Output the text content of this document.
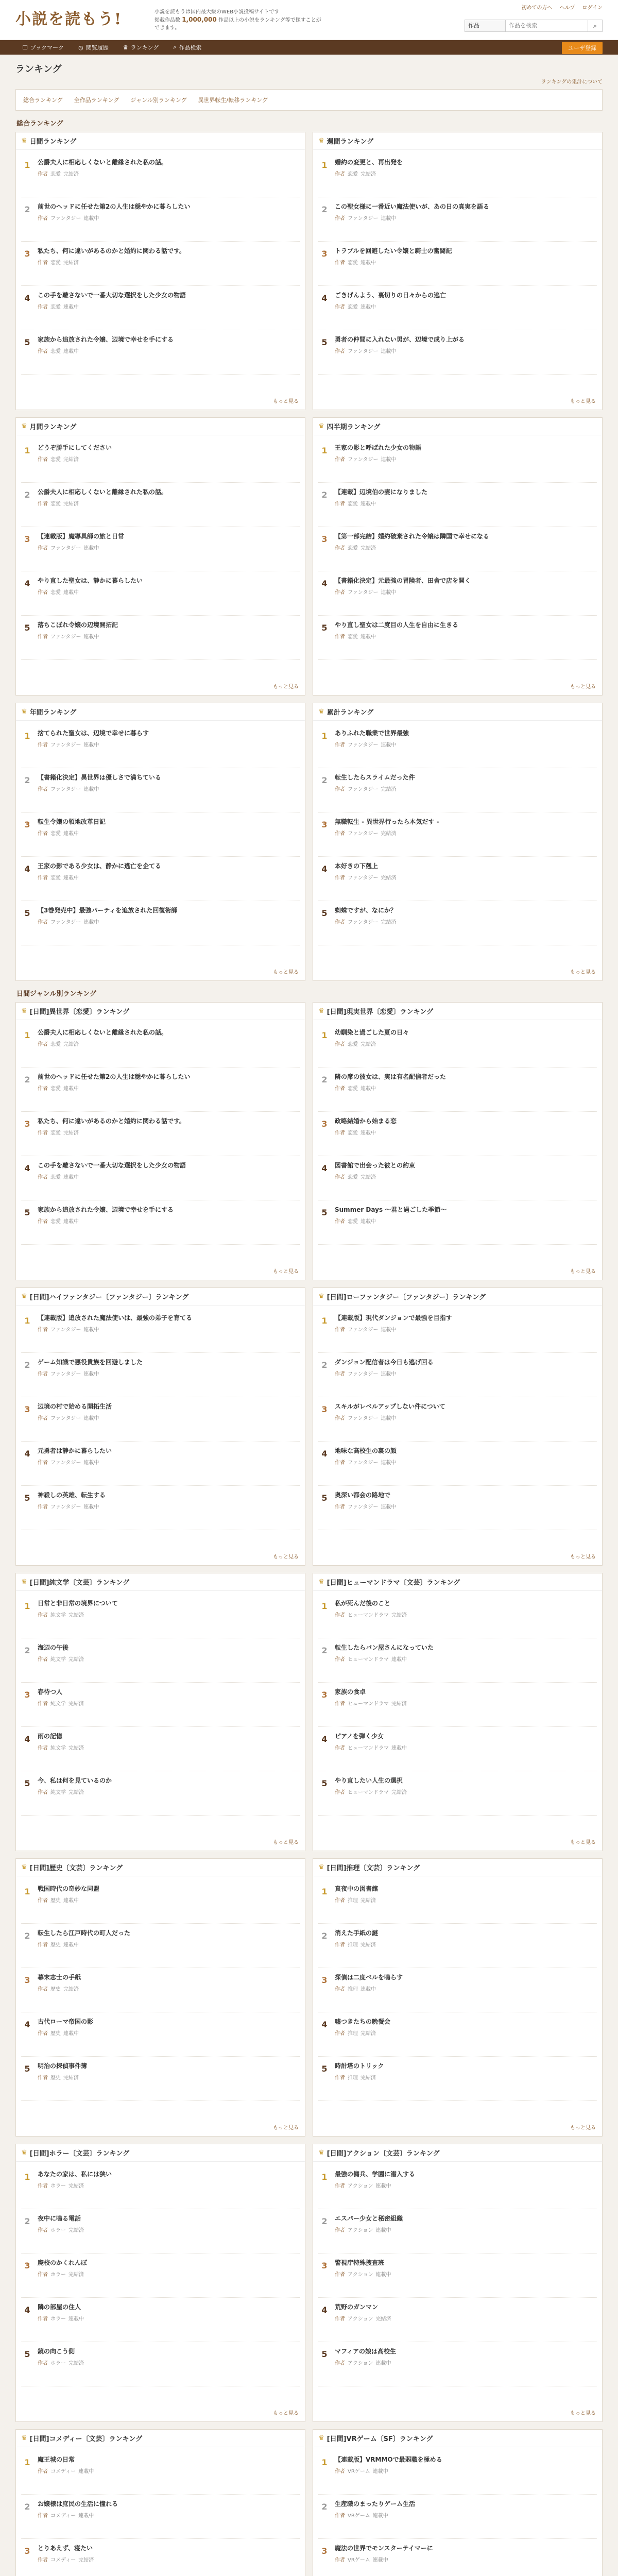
小説を読もう!	小説を読もうは国内最大級のWEB小説投稿サイトです
掲載作品数 1,000,000 作品以上の小説をランキング等で探すことができます。
初めての方へ ヘルプ ログイン
作品
作品を検索	⌕
❐ ブックマーク	◷ 閲覧履歴	♛ ランキング	⌕ 作品検索	ユーザ登録
ランキング
ランキングの集計について
総合ランキング 全作品ランキング ジャンル別ランキング 異世界転生/転移ランキング
総合ランキング
♛ 日間ランキング
1	公爵夫人に相応しくないと離縁された私の話。
作者 恋愛 完結済
2	前世のヘッドに任せた第2の人生は穏やかに暮らしたい
作者 ファンタジー 連載中
3	私たち、何に違いがあるのかと婚約に関わる話です。
作者 恋愛 完結済
4	この手を離さないで一番大切な選択をした少女の物語
作者 恋愛 連載中
5	家族から追放された令嬢、辺境で幸せを手にする
作者 恋愛 連載中
もっと見る
♛ 週間ランキング
1	婚約の変更と、再出発を
作者 恋愛 完結済
2	この聖女様に一番近い魔法使いが、あの日の真実を語る
作者 ファンタジー 連載中
3	トラブルを回避したい令嬢と騎士の奮闘記
作者 恋愛 連載中
4	ごきげんよう、裏切りの日々からの逃亡
作者 恋愛 連載中
5	勇者の仲間に入れない男が、辺境で成り上がる
作者 ファンタジー 連載中
もっと見る
♛ 月間ランキング
1	どうぞ勝手にしてください
作者 恋愛 完結済
2	公爵夫人に相応しくないと離縁された私の話。
作者 恋愛 完結済
3	【連載版】魔導具師の旅と日常
作者 ファンタジー 連載中
4	やり直した聖女は、静かに暮らしたい
作者 恋愛 連載中
5	落ちこぼれ令嬢の辺境開拓記
作者 ファンタジー 連載中
もっと見る
♛ 四半期ランキング
1	王家の影と呼ばれた少女の物語
作者 ファンタジー 連載中
2	【連載】辺境伯の妻になりました
作者 恋愛 連載中
3	【第一部完結】婚約破棄された令嬢は隣国で幸せになる
作者 恋愛 完結済
4	【書籍化決定】元最強の冒険者、田舎で店を開く
作者 ファンタジー 連載中
5	やり直し聖女は二度目の人生を自由に生きる
作者 恋愛 連載中
もっと見る
♛ 年間ランキング
1	捨てられた聖女は、辺境で幸せに暮らす
作者 ファンタジー 連載中
2	【書籍化決定】異世界は優しさで満ちている
作者 ファンタジー 連載中
3	転生令嬢の領地改革日記
作者 恋愛 連載中
4	王家の影である少女は、静かに逃亡を企てる
作者 恋愛 連載中
5	【3巻発売中】最強パーティを追放された回復術師
作者 ファンタジー 連載中
もっと見る
♛ 累計ランキング
1	ありふれた職業で世界最強
作者 ファンタジー 連載中
2	転生したらスライムだった件
作者 ファンタジー 完結済
3	無職転生 - 異世界行ったら本気だす -
作者 ファンタジー 完結済
4	本好きの下剋上
作者 ファンタジー 完結済
5	蜘蛛ですが、なにか？
作者 ファンタジー 完結済
もっと見る
日間ジャンル別ランキング
♛ [日間]異世界〔恋愛〕ランキング
1	公爵夫人に相応しくないと離縁された私の話。
作者 恋愛 完結済
2	前世のヘッドに任せた第2の人生は穏やかに暮らしたい
作者 恋愛 連載中
3	私たち、何に違いがあるのかと婚約に関わる話です。
作者 恋愛 完結済
4	この手を離さないで一番大切な選択をした少女の物語
作者 恋愛 連載中
5	家族から追放された令嬢、辺境で幸せを手にする
作者 恋愛 連載中
もっと見る
♛ [日間]現実世界〔恋愛〕ランキング
1	幼馴染と過ごした夏の日々
作者 恋愛 完結済
2	隣の席の彼女は、実は有名配信者だった
作者 恋愛 連載中
3	政略結婚から始まる恋
作者 恋愛 連載中
4	図書館で出会った彼との約束
作者 恋愛 完結済
5	Summer Days 〜君と過ごした季節〜
作者 恋愛 連載中
もっと見る
♛ [日間]ハイファンタジー〔ファンタジー〕ランキング
1	【連載版】追放された魔法使いは、最強の弟子を育てる
作者 ファンタジー 連載中
2	ゲーム知識で悪役貴族を回避しました
作者 ファンタジー 連載中
3	辺境の村で始める開拓生活
作者 ファンタジー 連載中
4	元勇者は静かに暮らしたい
作者 ファンタジー 連載中
5	神殺しの英雄、転生する
作者 ファンタジー 連載中
もっと見る
♛ [日間]ローファンタジー〔ファンタジー〕ランキング
1	【連載版】現代ダンジョンで最強を目指す
作者 ファンタジー 連載中
2	ダンジョン配信者は今日も逃げ回る
作者 ファンタジー 連載中
3	スキルがレベルアップしない件について
作者 ファンタジー 連載中
4	地味な高校生の裏の顔
作者 ファンタジー 連載中
5	奥深い都会の路地で
作者 ファンタジー 連載中
もっと見る
♛ [日間]純文学〔文芸〕ランキング
1	日常と非日常の境界について
作者 純文学 完結済
2	海辺の午後
作者 純文学 完結済
3	春待つ人
作者 純文学 完結済
4	雨の記憶
作者 純文学 完結済
5	今、私は何を見ているのか
作者 純文学 完結済
もっと見る
♛ [日間]ヒューマンドラマ〔文芸〕ランキング
1	私が死んだ後のこと
作者 ヒューマンドラマ 完結済
2	転生したらパン屋さんになっていた
作者 ヒューマンドラマ 連載中
3	家族の食卓
作者 ヒューマンドラマ 完結済
4	ピアノを弾く少女
作者 ヒューマンドラマ 連載中
5	やり直したい人生の選択
作者 ヒューマンドラマ 完結済
もっと見る
♛ [日間]歴史〔文芸〕ランキング
1	戦国時代の奇妙な同盟
作者 歴史 連載中
2	転生したら江戸時代の町人だった
作者 歴史 連載中
3	幕末志士の手紙
作者 歴史 完結済
4	古代ローマ帝国の影
作者 歴史 連載中
5	明治の探偵事件簿
作者 歴史 完結済
もっと見る
♛ [日間]推理〔文芸〕ランキング
1	真夜中の図書館
作者 推理 完結済
2	消えた手紙の謎
作者 推理 完結済
3	探偵は二度ベルを鳴らす
作者 推理 連載中
4	嘘つきたちの晩餐会
作者 推理 完結済
5	時計塔のトリック
作者 推理 完結済
もっと見る
♛ [日間]ホラー〔文芸〕ランキング
1	あなたの家は、私には狭い
作者 ホラー 完結済
2	夜中に鳴る電話
作者 ホラー 完結済
3	廃校のかくれんぼ
作者 ホラー 完結済
4	隣の部屋の住人
作者 ホラー 連載中
5	鏡の向こう側
作者 ホラー 完結済
もっと見る
♛ [日間]アクション〔文芸〕ランキング
1	最強の傭兵、学園に潜入する
作者 アクション 連載中
2	エスパー少女と秘密組織
作者 アクション 連載中
3	警視庁特殊捜査班
作者 アクション 連載中
4	荒野のガンマン
作者 アクション 完結済
5	マフィアの娘は高校生
作者 アクション 連載中
もっと見る
♛ [日間]コメディー〔文芸〕ランキング
1	魔王城の日常
作者 コメディー 連載中
2	お嬢様は庶民の生活に憧れる
作者 コメディー 連載中
3	とりあえず、寝たい
作者 コメディー 完結済
♛ [日間]VRゲーム〔SF〕ランキング
1	【連載版】VRMMOで最弱職を極める
作者 VRゲーム 連載中
2	生産職のまったりゲーム生活
作者 VRゲーム 連載中
3	魔法の世界でモンスターテイマーに
作者 VRゲーム 連載中
